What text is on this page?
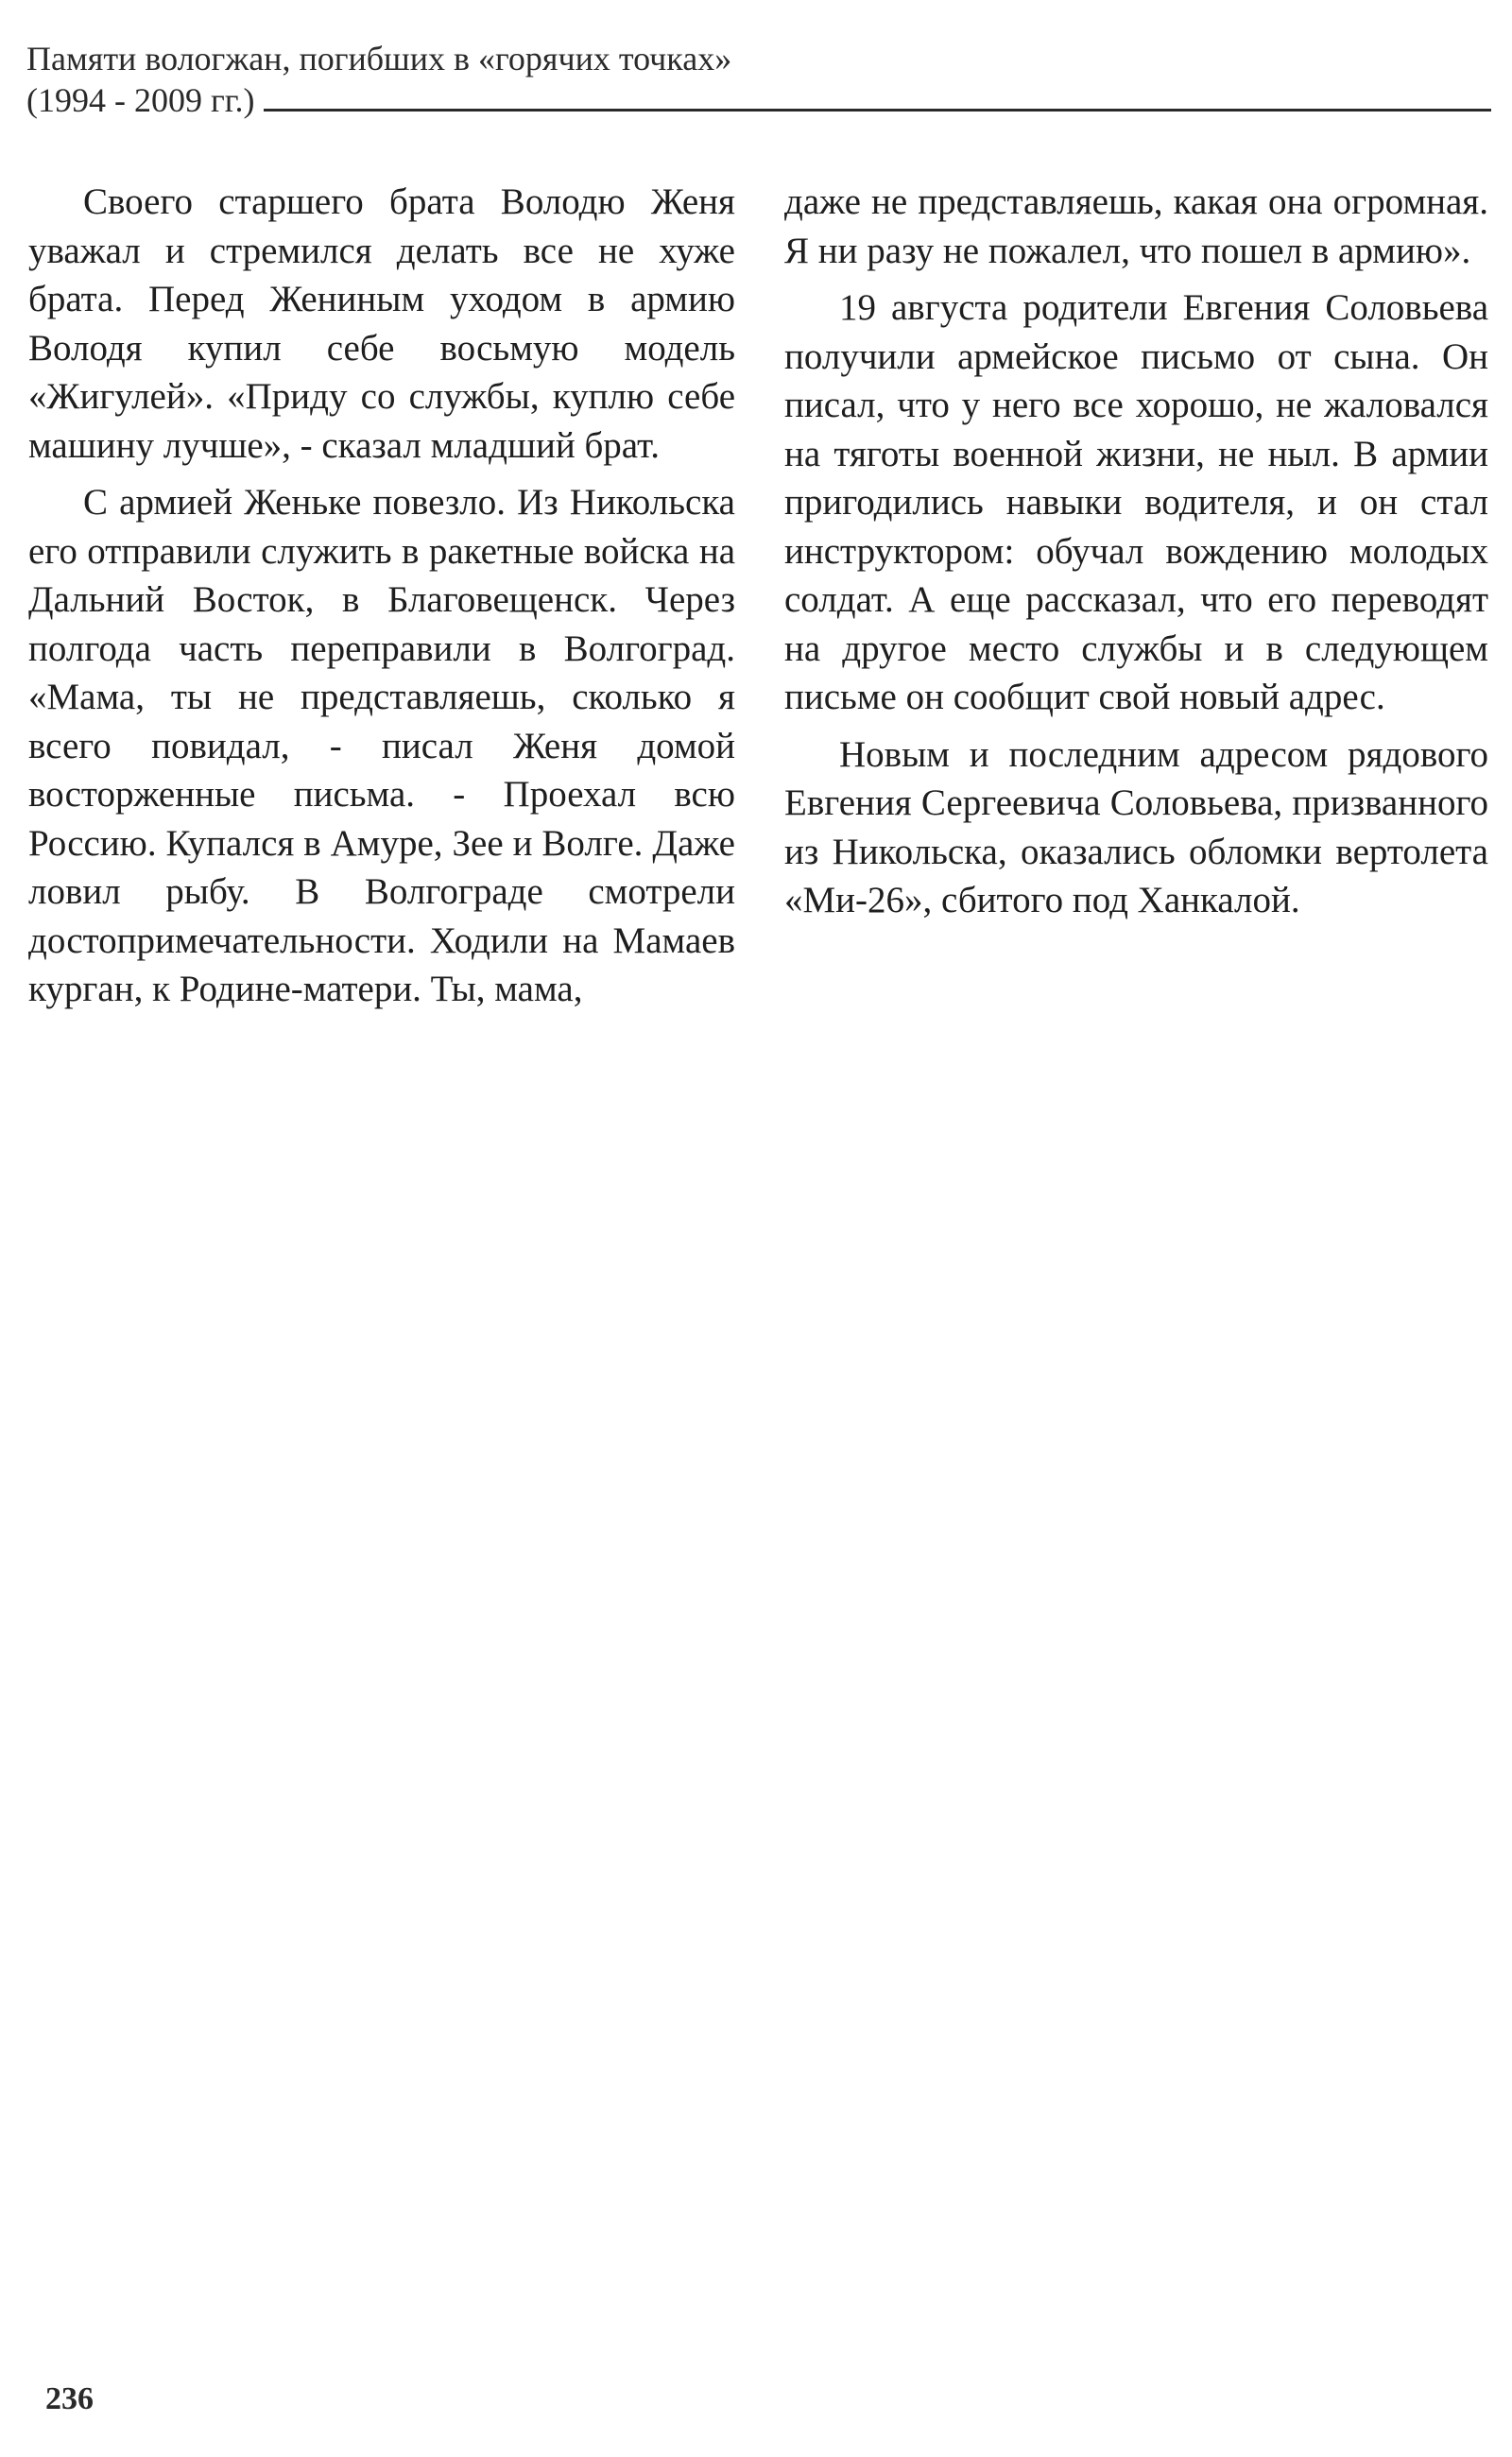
Памяти вологжан, погибших в «горячих точках»
(1994 - 2009 гг.)

Своего старшего брата Володю Женя уважал и стремился делать все не хуже брата. Перед Жениным уходом в армию Володя купил себе восьмую модель «Жигулей». «Приду со службы, куплю себе машину лучше», - сказал младший брат.

С армией Женьке повезло. Из Никольска его отправили служить в ракетные войска на Дальний Восток, в Благовещенск. Через полгода часть переправили в Волгоград. «Мама, ты не представляешь, сколько я всего повидал, - писал Женя домой восторженные письма. - Проехал всю Россию. Купался в Амуре, Зее и Волге. Даже ловил рыбу. В Волгограде смотрели достопримечательности. Ходили на Мамаев курган, к Родине-матери. Ты, мама,

даже не представляешь, какая она огромная. Я ни разу не пожалел, что пошел в армию».

19 августа родители Евгения Соловьева получили армейское письмо от сына. Он писал, что у него все хорошо, не жаловался на тяготы военной жизни, не ныл. В армии пригодились навыки водителя, и он стал инструктором: обучал вождению молодых солдат. А еще рассказал, что его переводят на другое место службы и в следующем письме он сообщит свой новый адрес.

Новым и последним адресом рядового Евгения Сергеевича Соловьева, призванного из Никольска, оказались обломки вертолета «Ми-26», сбитого под Ханкалой.

236
